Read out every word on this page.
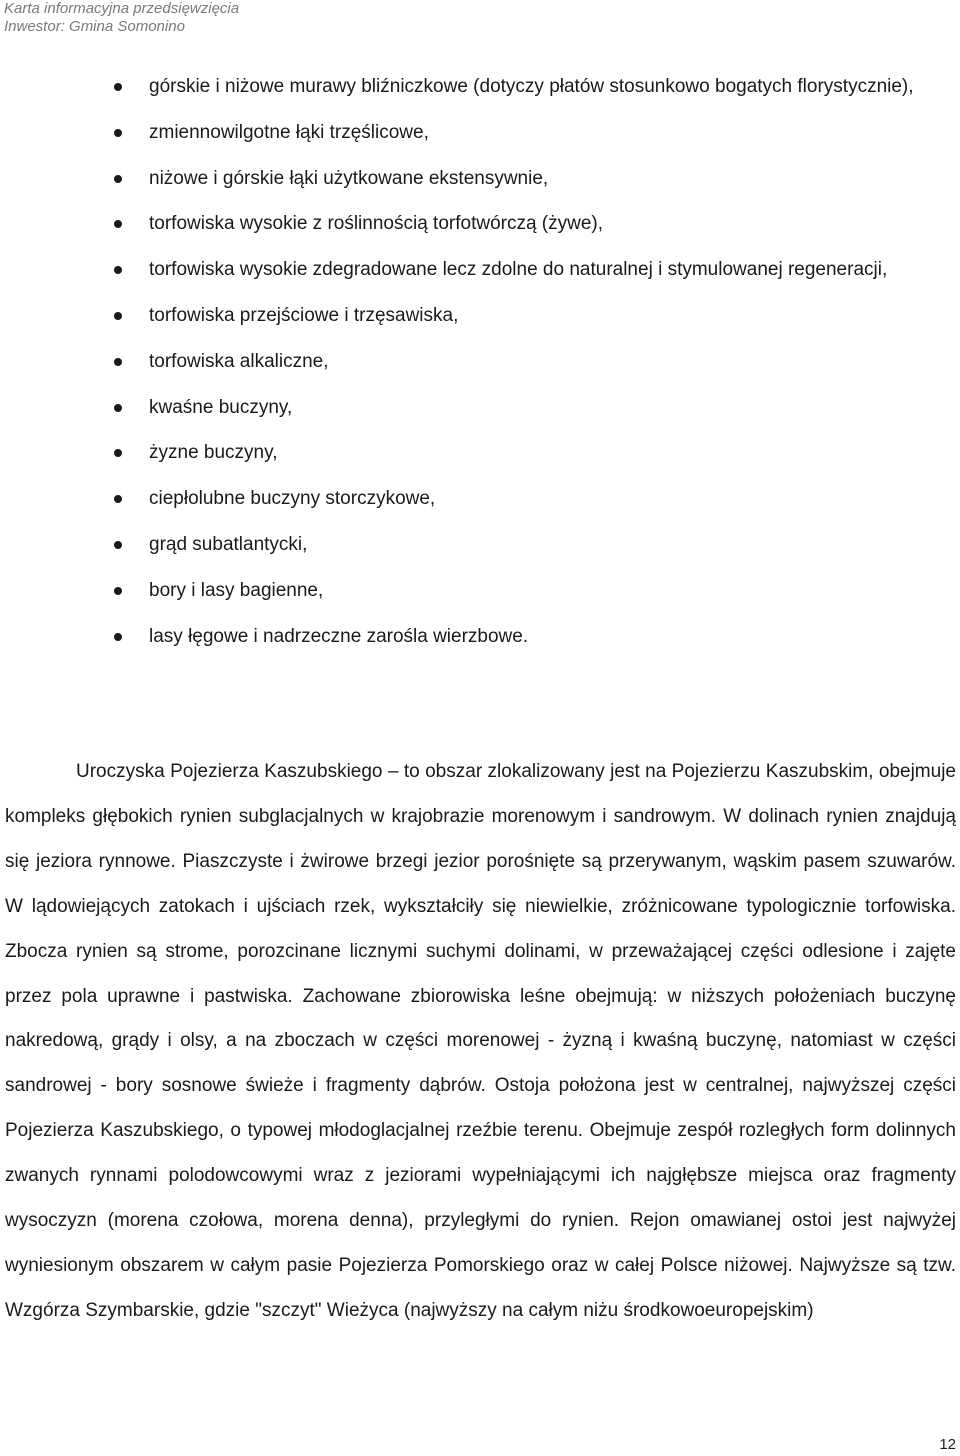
Karta informacyjna przedsięwzięcia
Inwestor: Gmina Somonino
górskie i niżowe murawy bliźniczkowe (dotyczy płatów stosunkowo bogatych florystycznie),
zmiennowilgotne łąki trzęślicowe,
niżowe i górskie łąki użytkowane ekstensywnie,
torfowiska wysokie z roślinnością torfotwórczą (żywe),
torfowiska wysokie zdegradowane lecz zdolne do naturalnej i stymulowanej regeneracji,
torfowiska przejściowe i trzęsawiska,
torfowiska alkaliczne,
kwaśne buczyny,
żyzne buczyny,
ciepłolubne buczyny storczykowe,
grąd subatlantycki,
bory i lasy bagienne,
lasy łęgowe i nadrzeczne zarośla wierzbowe.

Uroczyska Pojezierza Kaszubskiego – to obszar zlokalizowany jest na Pojezierzu Kaszubskim, obejmuje kompleks głębokich rynien subglacjalnych w krajobrazie morenowym i sandrowym. W dolinach rynien znajdują się jeziora rynnowe. Piaszczyste i żwirowe brzegi jezior porośnięte są przerywanym, wąskim pasem szuwarów. W lądowiejących zatokach i ujściach rzek, wykształciły się niewielkie, zróżnicowane typologicznie torfowiska. Zbocza rynien są strome, porozcinane licznymi suchymi dolinami, w przeważającej części odlesione i zajęte przez pola uprawne i pastwiska. Zachowane zbiorowiska leśne obejmują: w niższych położeniach buczynę nakredową, grądy i olsy, a na zboczach w części morenowej - żyzną i kwaśną buczynę, natomiast w części sandrowej - bory sosnowe świeże i fragmenty dąbrów. Ostoja położona jest w centralnej, najwyższej części Pojezierza Kaszubskiego, o typowej młodoglacjalnej rzeźbie terenu. Obejmuje zespół rozległych form dolinnych zwanych rynnami polodowcowymi wraz z jeziorami wypełniającymi ich najgłębsze miejsca oraz fragmenty wysoczyzn (morena czołowa, morena denna), przyległymi do rynien. Rejon omawianej ostoi jest najwyżej wyniesionym obszarem w całym pasie Pojezierza Pomorskiego oraz w całej Polsce niżowej. Najwyższe są tzw. Wzgórza Szymbarskie, gdzie "szczyt" Wieżyca (najwyższy na całym niżu środkowoeuropejskim)

12
